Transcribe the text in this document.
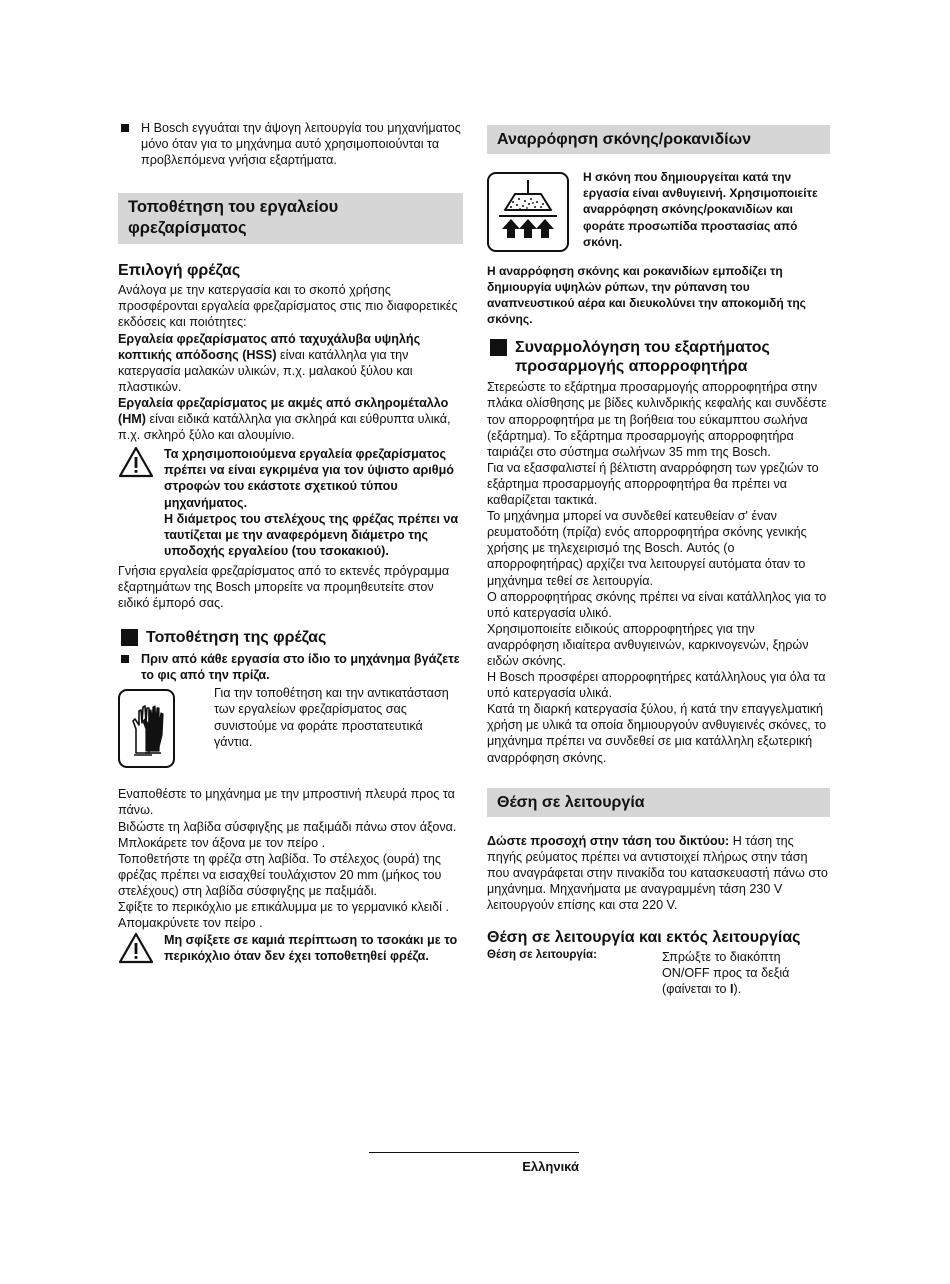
Η Bosch εγγυάται την άψογη λειτουργία του μηχανήματος μόνο όταν για το μηχάνημα αυτό χρησιμοποιούνται τα προβλεπόμενα γνήσια εξαρτήματα.

Τοποθέτηση του εργαλείου φρεζαρίσματος
Επιλογή φρέζας

Ανάλογα με την κατεργασία και το σκοπό χρήσης προσφέρονται εργαλεία φρεζαρίσματος στις πιο διαφορετικές εκδόσεις και ποιότητες:

Εργαλεία φρεζαρίσματος από ταχυχάλυβα υψηλής κοπτικής απόδοσης (HSS) είναι κατάλληλα για την κατεργασία μαλακών υλικών, π.χ. μαλακού ξύλου και πλαστικών.

Εργαλεία φρεζαρίσματος με ακμές από σκληρομέταλλο (HM) είναι ειδικά κατάλληλα για σκληρά και εύθρυπτα υλικά, π.χ. σκληρό ξύλο και αλουμίνιο.

Τα χρησιμοποιούμενα εργαλεία φρεζαρίσματος πρέπει να είναι εγκριμένα για τον ύψιστο αριθμό στροφών του εκάστοτε σχετικού τύπου μηχανήματος.

Η διάμετρος του στελέχους της φρέζας πρέπει να ταυτίζεται με την αναφερόμενη διάμετρο της υποδοχής εργαλείου (του τσοκακιού).

Γνήσια εργαλεία φρεζαρίσματος από το εκτενές πρόγραμμα εξαρτημάτων της Bosch μπορείτε να προμηθευτείτε στον ειδικό έμπορό σας.

Τοποθέτηση της φρέζας

Πριν από κάθε εργασία στο ίδιο το μηχάνημα βγάζετε το φις από την πρίζα.

Για την τοποθέτηση και την αντικατάσταση των εργαλείων φρεζαρίσματος σας συνιστούμε να φοράτε προστατευτικά γάντια.

Εναποθέστε το μηχάνημα με την μπροστινή πλευρά προς τα πάνω.

Βιδώστε τη λαβίδα σύσφιγξης με παξιμάδι πάνω στον άξονα.

Μπλοκάρετε τον άξονα με τον πείρο .

Τοποθετήστε τη φρέζα στη λαβίδα. Το στέλεχος (ουρά) της φρέζας πρέπει να εισαχθεί τουλάχιστον 20 mm (μήκος του στελέχους) στη λαβίδα σύσφιγξης με παξιμάδι.

Σφίξτε το περικόχλιο με επικάλυμμα με το γερμανικό κλειδί . Απομακρύνετε τον πείρο .

Μη σφίξετε σε καμιά περίπτωση το τσοκάκι με το περικόχλιο όταν δεν έχει τοποθετηθεί φρέζα.

Αναρρόφηση σκόνης/ροκανιδίων

Η σκόνη που δημιουργείται κατά την εργασία είναι ανθυγιεινή. Χρησιμοποιείτε αναρρόφηση σκόνης/ροκανιδίων και φοράτε προσωπίδα προστασίας από σκόνη.

Η αναρρόφηση σκόνης και ροκανιδίων εμποδίζει τη δημιουργία υψηλών ρύπων, την ρύπανση του αναπνευστικού αέρα και διευκολύνει την αποκομιδή της σκόνης.

Συναρμολόγηση του εξαρτήματος προσαρμογής απορροφητήρα

Στερεώστε το εξάρτημα προσαρμογής απορροφητήρα στην πλάκα ολίσθησης με βίδες κυλινδρικής κεφαλής και συνδέστε τον απορροφητήρα με τη βοήθεια του εύκαμπτου σωλήνα (εξάρτημα). Το εξάρτημα προσαρμογής απορροφητήρα ταιριάζει στο σύστημα σωλήνων 35 mm της Bosch.

Για να εξασφαλιστεί ή βέλτιστη αναρρόφηση των γρεζιών το εξάρτημα προσαρμογής απορροφητήρα θα πρέπει να καθαρίζεται τακτικά.

Το μηχάνημα μπορεί να συνδεθεί κατευθείαν σ' έναν ρευματοδότη (πρίζα) ενός απορροφητήρα σκόνης γενικής χρήσης με τηλεχειρισμό της Bosch. Αυτός (ο απορροφητήρας) αρχίζει τνα λειτουργεί αυτόματα όταν το μηχάνημα τεθεί σε λειτουργία.

Ο απορροφητήρας σκόνης πρέπει να είναι κατάλληλος για το υπό κατεργασία υλικό.

Χρησιμοποιείτε ειδικούς απορροφητήρες για την αναρρόφηση ιδιαίτερα ανθυγιεινών, καρκινογενών, ξηρών ειδών σκόνης.

Η Bosch προσφέρει απορροφητήρες κατάλληλους για όλα τα υπό κατεργασία υλικά.

Κατά τη διαρκή κατεργασία ξύλου, ή κατά την επαγγελματική χρήση με υλικά τα οποία δημιουργούν ανθυγιεινές σκόνες, το μηχάνημα πρέπει να συνδεθεί σε μια κατάλληλη εξωτερική αναρρόφηση σκόνης.

Θέση σε λειτουργία

Δώστε προσοχή στην τάση του δικτύου: Η τάση της πηγής ρεύματος πρέπει να αντιστοιχεί πλήρως στην τάση που αναγράφεται στην πινακίδα του κατασκευαστή πάνω στο μηχάνημα. Μηχανήματα με αναγραμμένη τάση 230 V λειτουργούν επίσης και στα 220 V.

Θέση σε λειτουργία και εκτός λειτουργίας
Θέση σε λειτουργία:	Σπρώξτε το διακόπτη ON/OFF προς τα δεξιά (φαίνεται το I).

Ελληνικά
